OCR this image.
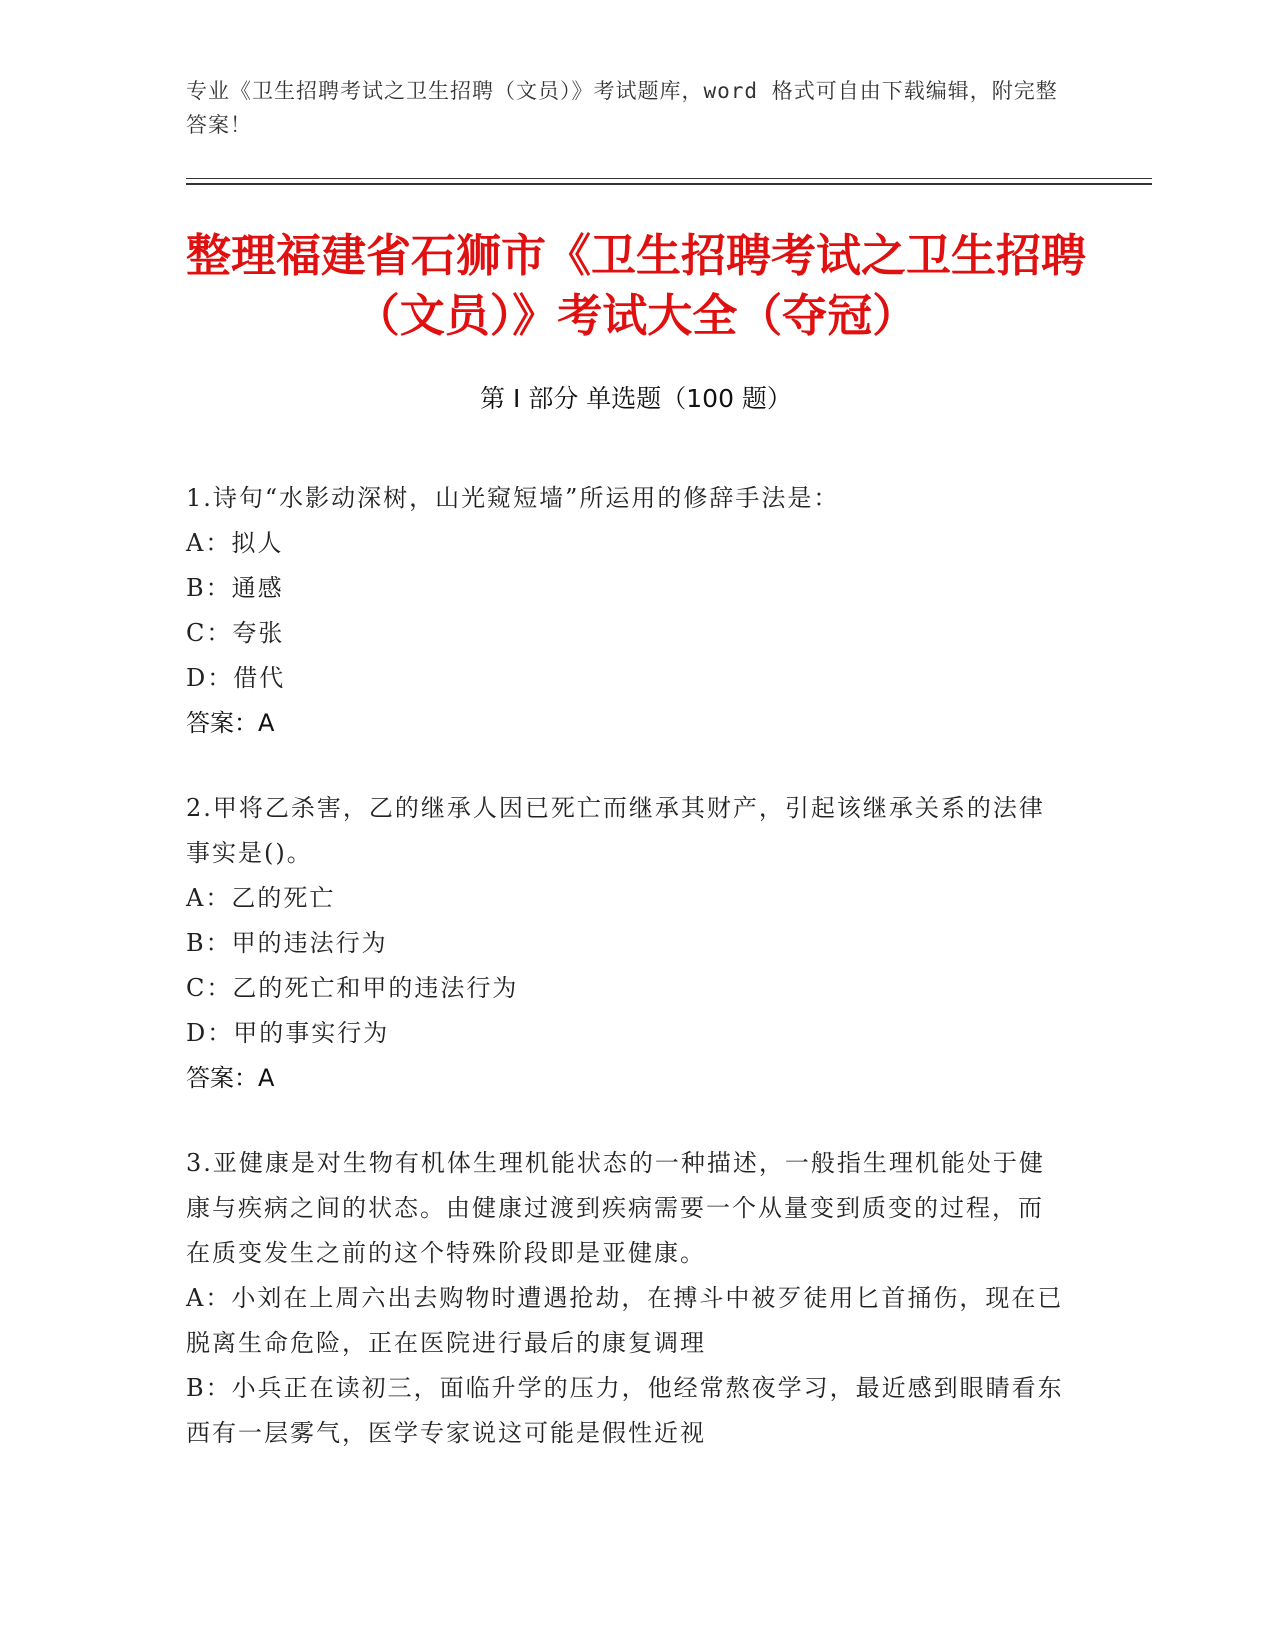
专业《卫生招聘考试之卫生招聘（文员）》考试题库，word 格式可自由下载编辑，附完整答案！
整理福建省石狮市《卫生招聘考试之卫生招聘（文员）》考试大全（夺冠）
第 I 部分 单选题（100 题）

1.诗句“水影动深树，山光窥短墙”所运用的修辞手法是：

A：拟人

B：通感

C：夸张

D：借代

答案：A

2.甲将乙杀害，乙的继承人因已死亡而继承其财产，引起该继承关系的法律事实是()。

A：乙的死亡

B：甲的违法行为

C：乙的死亡和甲的违法行为

D：甲的事实行为

答案：A

3.亚健康是对生物有机体生理机能状态的一种描述，一般指生理机能处于健康与疾病之间的状态。由健康过渡到疾病需要一个从量变到质变的过程，而在质变发生之前的这个特殊阶段即是亚健康。

A：小刘在上周六出去购物时遭遇抢劫，在搏斗中被歹徒用匕首捅伤，现在已脱离生命危险，正在医院进行最后的康复调理

B：小兵正在读初三，面临升学的压力，他经常熬夜学习，最近感到眼睛看东西有一层雾气，医学专家说这可能是假性近视
